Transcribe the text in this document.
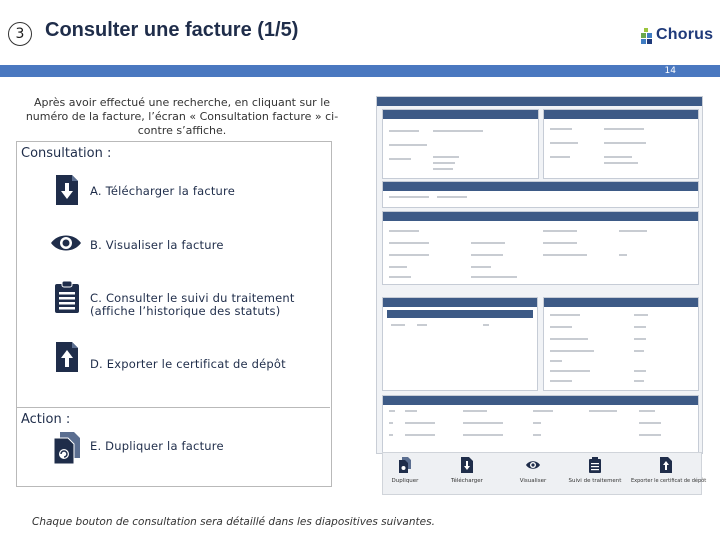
3	Consulter une facture (1/5)	Chorus
14
Après avoir effectué une recherche, en cliquant sur le numéro de la facture, l’écran « Consultation facture » ci-contre s’affiche.
Consultation :
A. Télécharger la facture
B. Visualiser la facture
C. Consulter le suivi du traitement
(affiche l’historique des statuts)
D. Exporter le certificat de dépôt
Action :
E. Dupliquer la facture
Chaque bouton de consultation sera détaillé dans les diapositives suivantes.
Dupliquer	Télécharger	Visualiser	Suivi de traitement	Exporter le certificat de dépôt
